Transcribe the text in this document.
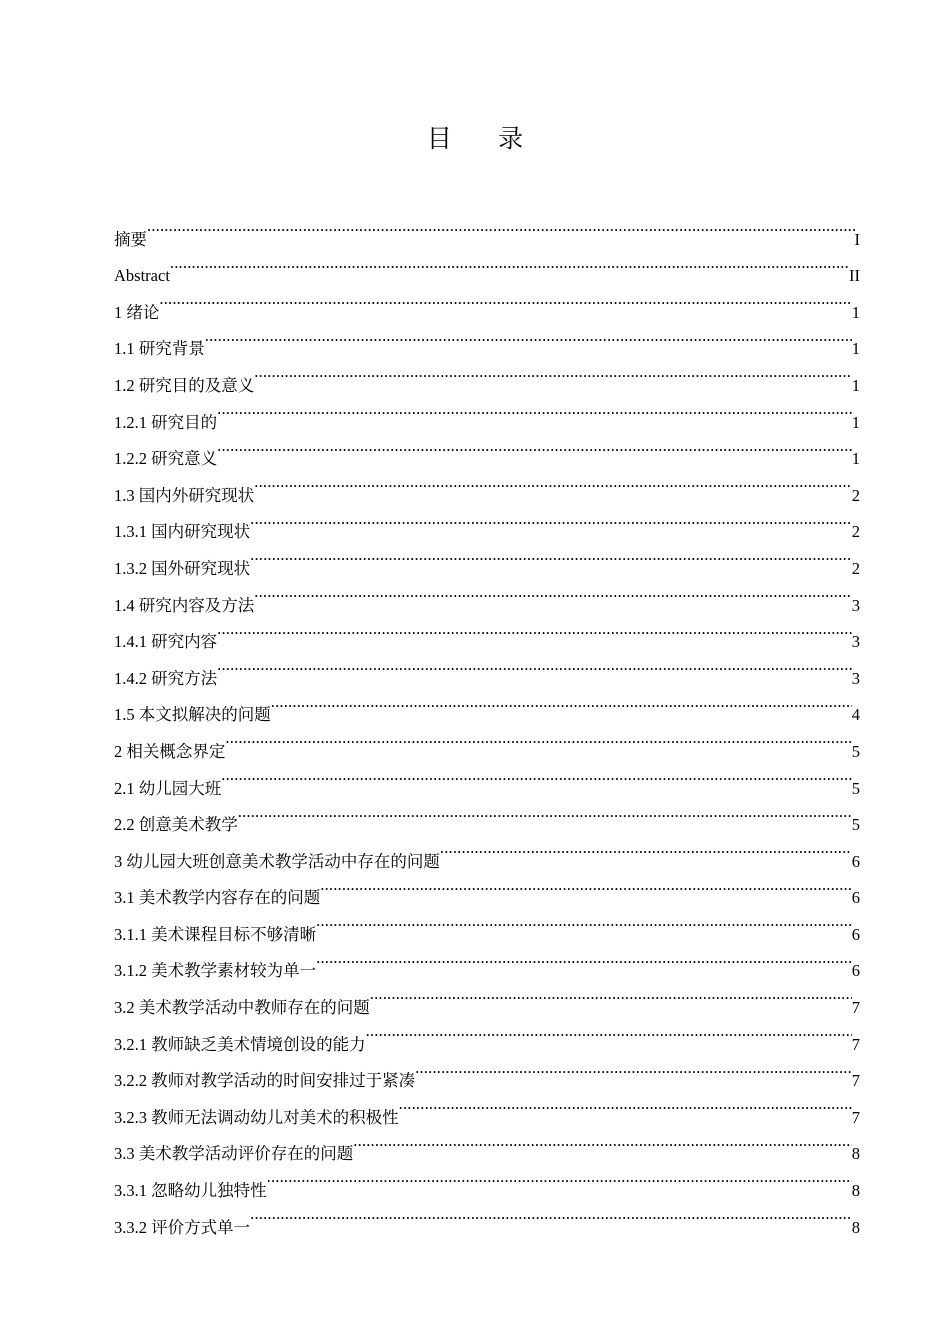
目 录
摘要 .....	I
Abstract .....	II
1 绪论 .....	1
1.1 研究背景 .....	1
1.2 研究目的及意义 .....	1
1.2.1 研究目的 .....	1
1.2.2 研究意义 .....	1
1.3 国内外研究现状 .....	2
1.3.1 国内研究现状 .....	2
1.3.2 国外研究现状 .....	2
1.4 研究内容及方法 .....	3
1.4.1 研究内容 .....	3
1.4.2 研究方法 .....	3
1.5 本文拟解决的问题 .....	4
2 相关概念界定 .....	5
2.1 幼儿园大班 .....	5
2.2 创意美术教学 .....	5
3 幼儿园大班创意美术教学活动中存在的问题 .....	6
3.1 美术教学内容存在的问题 .....	6
3.1.1 美术课程目标不够清晰 .....	6
3.1.2 美术教学素材较为单一 .....	6
3.2 美术教学活动中教师存在的问题 .....	7
3.2.1 教师缺乏美术情境创设的能力 .....	7
3.2.2 教师对教学活动的时间安排过于紧凑 .....	7
3.2.3 教师无法调动幼儿对美术的积极性 .....	7
3.3 美术教学活动评价存在的问题 .....	8
3.3.1 忽略幼儿独特性 .....	8
3.3.2 评价方式单一 .....	8
